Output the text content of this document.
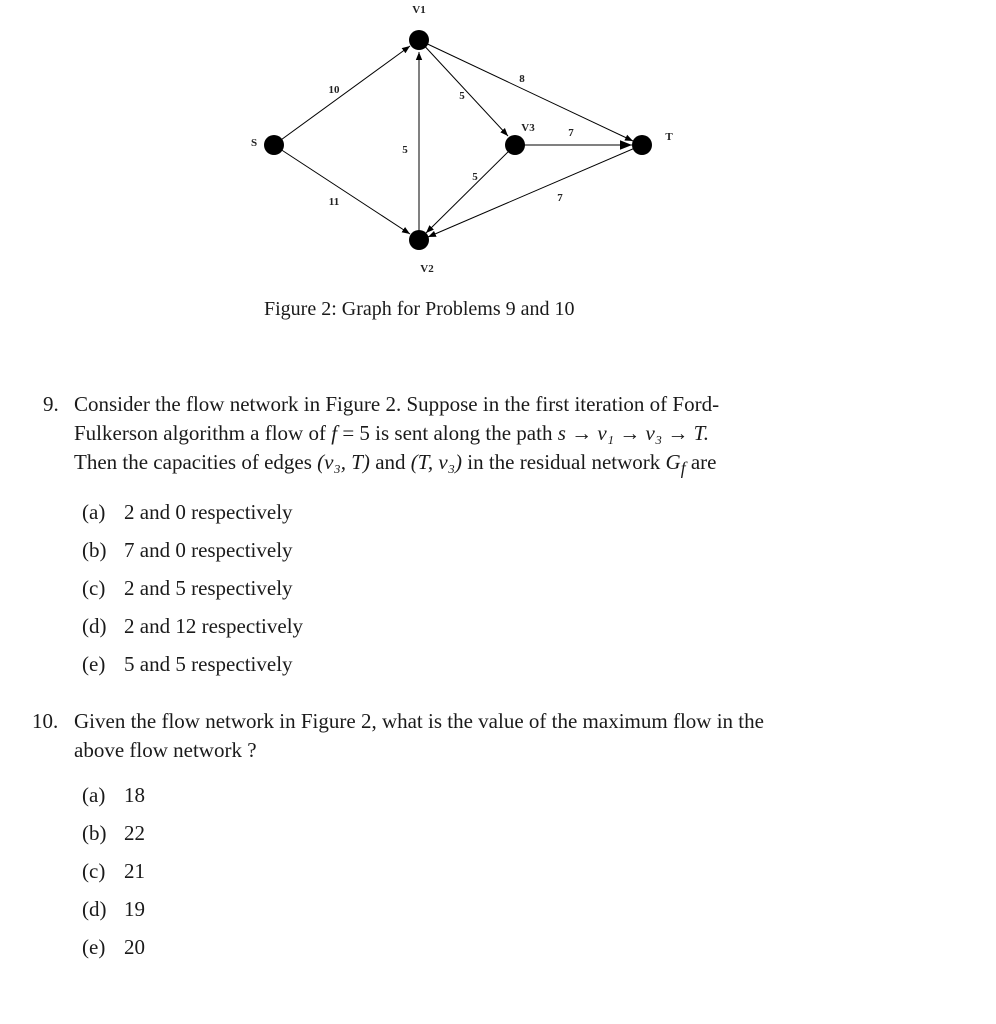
V1
S
V3
T
V2
10
11
5
5
8
7
5
7
Figure 2: Graph for Problems 9 and 10
9. Consider the flow network in Figure 2. Suppose in the first iteration of Ford-
Fulkerson algorithm a flow of f = 5 is sent along the path s → v₁ → v₃ → T.
Then the capacities of edges (v₃, T) and (T, v₃) in the residual network $G_f$ are
(a) 2 and 0 respectively
(b) 7 and 0 respectively
(c) 2 and 5 respectively
(d) 2 and 12 respectively
(e) 5 and 5 respectively
10. Given the flow network in Figure 2, what is the value of the maximum flow in the
above flow network ?
(a) 18
(b) 22
(c) 21
(d) 19
(e) 20
